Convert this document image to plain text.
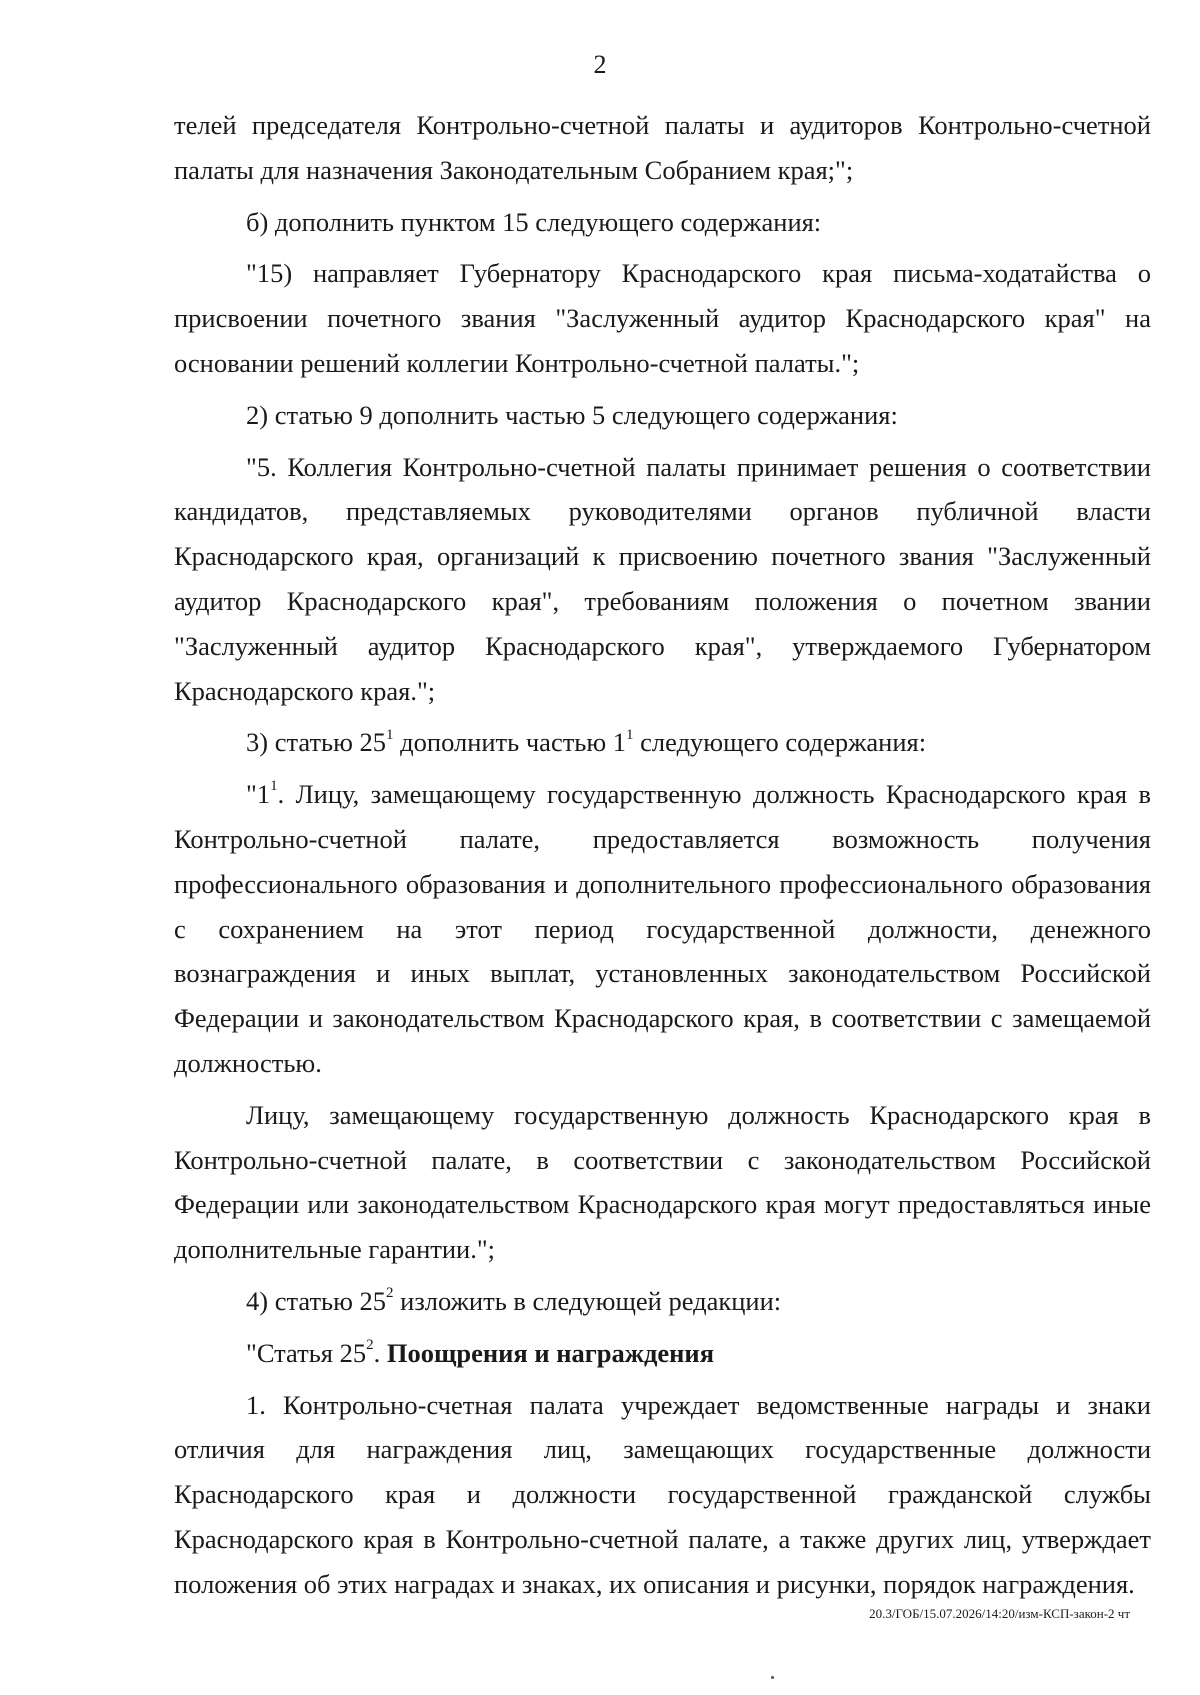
2

телей председателя Контрольно-счетной палаты и аудиторов Контрольно-счетной палаты для назначения Законодательным Собранием края;";

б) дополнить пунктом 15 следующего содержания:

"15) направляет Губернатору Краснодарского края письма-ходатайства о присвоении почетного звания "Заслуженный аудитор Краснодарского края" на основании решений коллегии Контрольно-счетной палаты.";

2) статью 9 дополнить частью 5 следующего содержания:

"5. Коллегия Контрольно-счетной палаты принимает решения о соответствии кандидатов, представляемых руководителями органов публичной власти Краснодарского края, организаций к присвоению почетного звания "Заслуженный аудитор Краснодарского края", требованиям положения о почетном звании "Заслуженный аудитор Краснодарского края", утверждаемого Губернатором Краснодарского края.";

3) статью $25^1$ дополнить частью $1^1$ следующего содержания:

"$1^1$. Лицу, замещающему государственную должность Краснодарского края в Контрольно-счетной палате, предоставляется возможность получения профессионального образования и дополнительного профессионального образования с сохранением на этот период государственной должности, денежного вознаграждения и иных выплат, установленных законодательством Российской Федерации и законодательством Краснодарского края, в соответствии с замещаемой должностью.

Лицу, замещающему государственную должность Краснодарского края в Контрольно-счетной палате, в соответствии с законодательством Российской Федерации или законодательством Краснодарского края могут предоставляться иные дополнительные гарантии.";

4) статью $25^2$ изложить в следующей редакции:

"Статья $25^2$. Поощрения и награждения

1. Контрольно-счетная палата учреждает ведомственные награды и знаки отличия для награждения лиц, замещающих государственные должности Краснодарского края и должности государственной гражданской службы Краснодарского края в Контрольно-счетной палате, а также других лиц, утверждает положения об этих наградах и знаках, их описания и рисунки, порядок награждения.

20.3/ГОБ/15.07.2026/14:20/изм-КСП-закон-2 чт
